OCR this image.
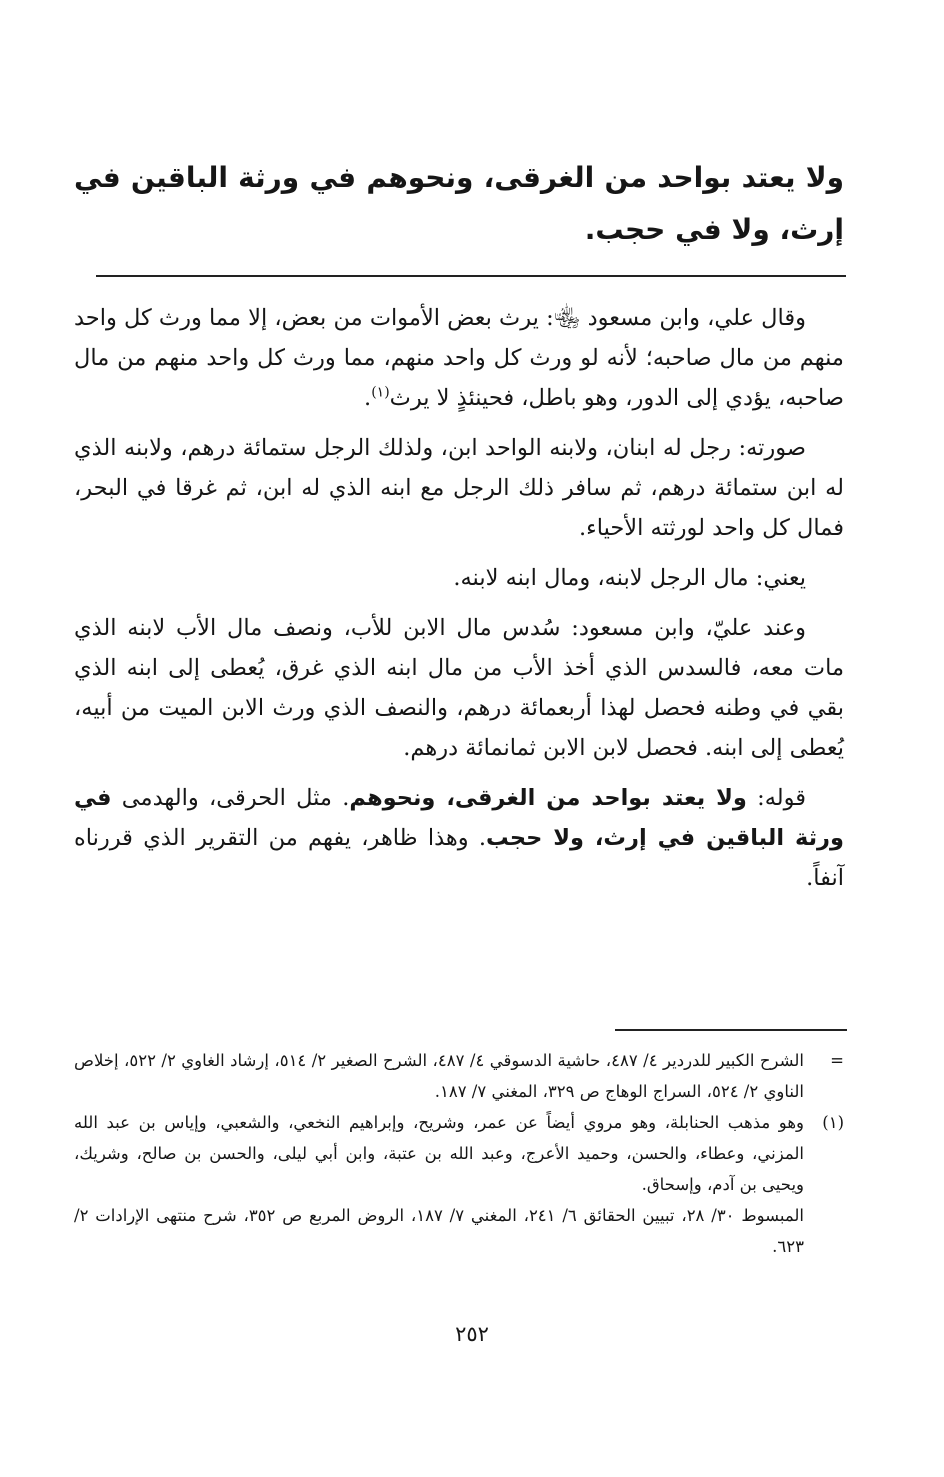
ولا يعتد بواحد من الغرقى، ونحوهم في ورثة الباقين في إرث، ولا في حجب.

وقال علي، وابن مسعود ﵄: يرث بعض الأموات من بعض، إلا مما ورث كل واحد منهم من مال صاحبه؛ لأنه لو ورث كل واحد منهم، مما ورث كل واحد منهم من مال صاحبه، يؤدي إلى الدور، وهو باطل، فحينئذٍ لا يرث$^{(١)}$.

صورته: رجل له ابنان، ولابنه الواحد ابن، ولذلك الرجل ستمائة درهم، ولابنه الذي له ابن ستمائة درهم، ثم سافر ذلك الرجل مع ابنه الذي له ابن، ثم غرقا في البحر، فمال كل واحد لورثته الأحياء.

يعني: مال الرجل لابنه، ومال ابنه لابنه.

وعند عليّ، وابن مسعود: سُدس مال الابن للأب، ونصف مال الأب لابنه الذي مات معه، فالسدس الذي أخذ الأب من مال ابنه الذي غرق، يُعطى إلى ابنه الذي بقي في وطنه فحصل لهذا أربعمائة درهم، والنصف الذي ورث الابن الميت من أبيه، يُعطى إلى ابنه. فحصل لابن الابن ثمانمائة درهم.

قوله: ولا يعتد بواحد من الغرقى، ونحوهم. مثل الحرقى، والهدمى في ورثة الباقين في إرث، ولا حجب. وهذا ظاهر، يفهم من التقرير الذي قررناه آنفاً.

=
الشرح الكبير للدردير ٤/ ٤٨٧، حاشية الدسوقي ٤/ ٤٨٧، الشرح الصغير ٢/ ٥١٤، إرشاد الغاوي ٢/ ٥٢٢، إخلاص الناوي ٢/ ٥٢٤، السراج الوهاج ص ٣٢٩، المغني ٧/ ١٨٧.
(١)
وهو مذهب الحنابلة، وهو مروي أيضاً عن عمر، وشريح، وإبراهيم النخعي، والشعبي، وإياس بن عبد الله المزني، وعطاء، والحسن، وحميد الأعرج، وعبد الله بن عتبة، وابن أبي ليلى، والحسن بن صالح، وشريك، ويحيى بن آدم، وإسحاق.
المبسوط ٣٠/ ٢٨، تبيين الحقائق ٦/ ٢٤١، المغني ٧/ ١٨٧، الروض المربع ص ٣٥٢، شرح منتهى الإرادات ٢/ ٦٢٣.
٢٥٢
